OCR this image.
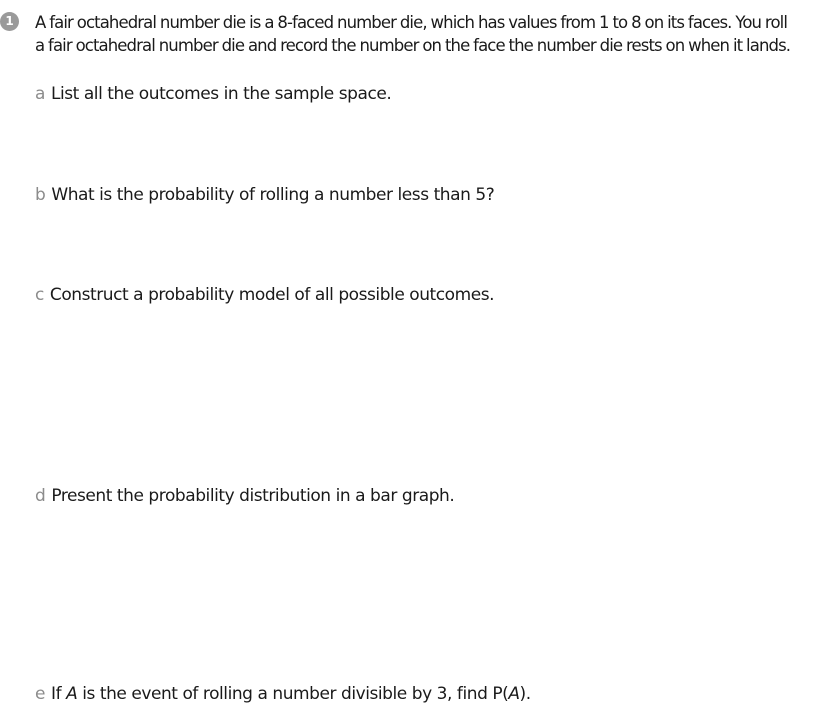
1	A fair octahedral number die is a 8-faced number die, which has values from 1 to 8 on its faces. You roll
a fair octahedral number die and record the number on the face the number die rests on when it lands.
a List all the outcomes in the sample space.
b What is the probability of rolling a number less than 5?
c Construct a probability model of all possible outcomes.
d Present the probability distribution in a bar graph.
e If A is the event of rolling a number divisible by 3, find P(A).
